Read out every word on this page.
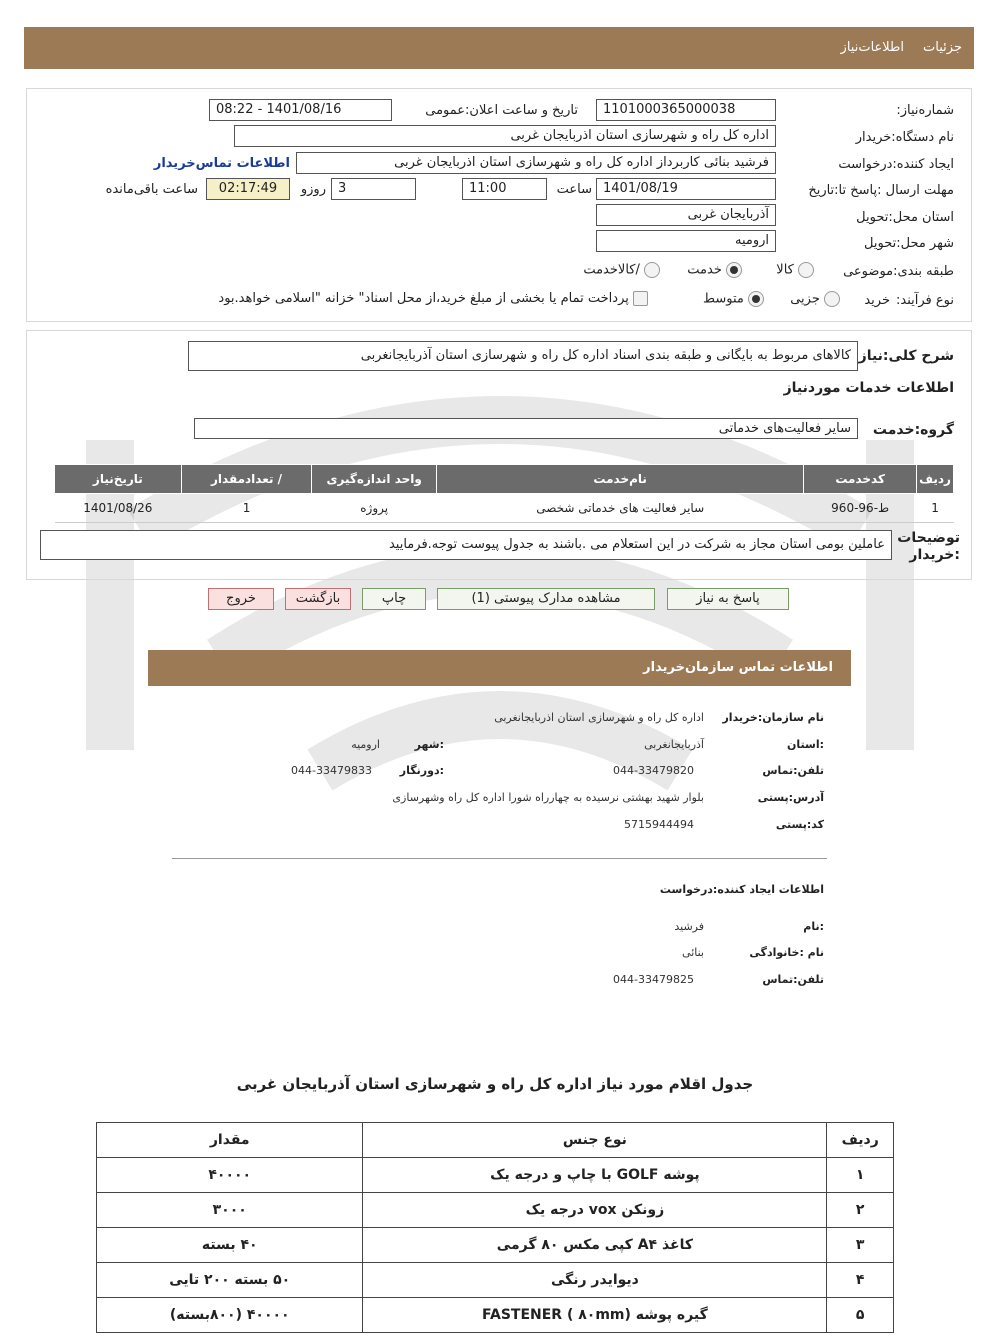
جزئیات
اطلاعات‌نیاز
شماره‌نیاز:
1101000365000038
تاریخ و ساعت اعلان:عمومی
1401/08/16 - 08:22
نام دستگاه:خریدار
اداره کل راه و شهرسازی استان اذربایجان غربی
ایجاد کننده:درخواست
فرشید بنائی کاربرداز اداره کل راه و شهرسازی استان اذربایجان غربی
اطلاعات تماس‌خریدار
مهلت ارسال :پاسخ تا:تاریخ
1401/08/19
ساعت
11:00
3
روزو
02:17:49
ساعت باقی‌مانده
استان محل:تحویل
آذربایجان غربی
شهر محل:تحویل
ارومیه
طبقه بندی:موضوعی
کالا
خدمت
/کالاخدمت
نوع فرآیند:
خرید
جزیی
متوسط
پرداخت تمام یا بخشی از مبلغ خرید،از محل اسناد" خزانه "اسلامی خواهد.بود
شرح کلی:نیاز
کالاهای مربوط به بایگانی و طبقه بندی اسناد اداره کل راه و شهرسازی استان آذربایجانغربی
اطلاعات خدمات موردنیاز
گروه:خدمت
سایر فعالیت‌های خدماتی
ردیف	کدخدمت	نام‌خدمت	واحد اندازه‌گیری	/ تعدادمقدار	تاریخ‌نیاز
1	ط-96-960	سایر فعالیت های خدماتی شخصی	پروژه	1	1401/08/26
توضیحات :خریدار
عاملین بومی استان مجاز به شرکت در این استعلام می .باشند به جدول پیوست توجه.فرمایید
پاسخ به نیاز
مشاهده مدارک پیوستی (1)
چاپ
بازگشت
خروج
اطلاعات تماس سازمان‌خریدار
نام سازمان:خریدار
اداره کل راه و شهرسازی استان اذربایجانغربی
:استان
آذربایجانغربی
:شهر
ارومیه
تلفن:تماس
044-33479820
:دورنگار
044-33479833
آدرس:پستی
بلوار شهید بهشتی نرسیده به چهارراه شورا اداره کل راه وشهرسازی
کد:پستی
5715944494
اطلاعات ایجاد کننده:درخواست
:نام
فرشید
نام :خانوادگی
بنائی
تلفن:تماس
044-33479825
جدول اقلام مورد نیاز اداره کل راه و شهرسازی استان آذربایجان غربی
ردیف	نوع جنس	مقدار
۱	پوشه GOLF با چاپ و درجه یک	۴۰۰۰۰
۲	زونکن vox درجه یک	۳۰۰۰
۳	کاغذ A۴ کپی مکس ۸۰ گرمی	۴۰ بسته
۴	دیوایدر رنگی	۵۰ بسته ۲۰۰ تایی
۵	گیره پوشه FASTENER ( ۸۰mm)	۴۰۰۰۰ (۸۰۰بسته)
